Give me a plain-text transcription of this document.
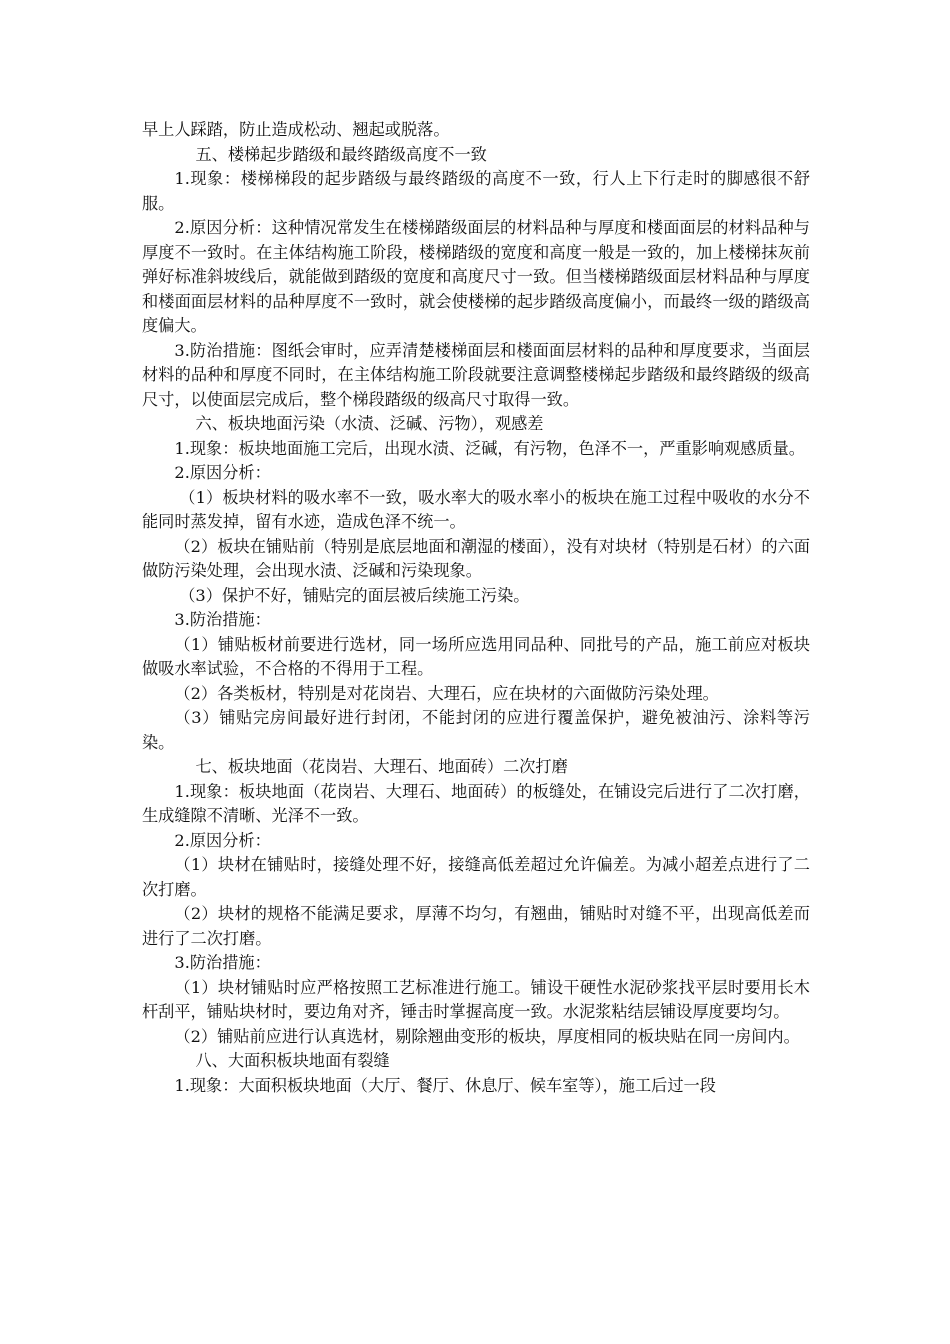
早上人踩踏，防止造成松动、翘起或脱落。

五、楼梯起步踏级和最终踏级高度不一致

1.现象：楼梯梯段的起步踏级与最终踏级的高度不一致，行人上下行走时的脚感很不舒服。

2.原因分析：这种情况常发生在楼梯踏级面层的材料品种与厚度和楼面面层的材料品种与厚度不一致时。在主体结构施工阶段，楼梯踏级的宽度和高度一般是一致的，加上楼梯抹灰前弹好标准斜坡线后，就能做到踏级的宽度和高度尺寸一致。但当楼梯踏级面层材料品种与厚度和楼面面层材料的品种厚度不一致时，就会使楼梯的起步踏级高度偏小，而最终一级的踏级高度偏大。

3.防治措施：图纸会审时，应弄清楚楼梯面层和楼面面层材料的品种和厚度要求，当面层材料的品种和厚度不同时，在主体结构施工阶段就要注意调整楼梯起步踏级和最终踏级的级高尺寸，以使面层完成后，整个梯段踏级的级高尺寸取得一致。

六、板块地面污染（水渍、泛碱、污物），观感差

1.现象：板块地面施工完后，出现水渍、泛碱，有污物，色泽不一，严重影响观感质量。

2.原因分析：

（1）板块材料的吸水率不一致，吸水率大的吸水率小的板块在施工过程中吸收的水分不能同时蒸发掉，留有水迹，造成色泽不统一。

（2）板块在铺贴前（特别是底层地面和潮湿的楼面），没有对块材（特别是石材）的六面做防污染处理，会出现水渍、泛碱和污染现象。

（3）保护不好，铺贴完的面层被后续施工污染。

3.防治措施：

（1）铺贴板材前要进行选材，同一场所应选用同品种、同批号的产品，施工前应对板块做吸水率试验，不合格的不得用于工程。

（2）各类板材，特别是对花岗岩、大理石，应在块材的六面做防污染处理。

（3）铺贴完房间最好进行封闭，不能封闭的应进行覆盖保护，避免被油污、涂料等污染。

七、板块地面（花岗岩、大理石、地面砖）二次打磨

1.现象：板块地面（花岗岩、大理石、地面砖）的板缝处，在铺设完后进行了二次打磨，生成缝隙不清晰、光泽不一致。

2.原因分析：

（1）块材在铺贴时，接缝处理不好，接缝高低差超过允许偏差。为减小超差点进行了二次打磨。

（2）块材的规格不能满足要求，厚薄不均匀，有翘曲，铺贴时对缝不平，出现高低差而进行了二次打磨。

3.防治措施：

（1）块材铺贴时应严格按照工艺标准进行施工。铺设干硬性水泥砂浆找平层时要用长木杆刮平，铺贴块材时，要边角对齐，锤击时掌握高度一致。水泥浆粘结层铺设厚度要均匀。

（2）铺贴前应进行认真选材，剔除翘曲变形的板块，厚度相同的板块贴在同一房间内。

八、大面积板块地面有裂缝

1.现象：大面积板块地面（大厅、餐厅、休息厅、候车室等），施工后过一段
